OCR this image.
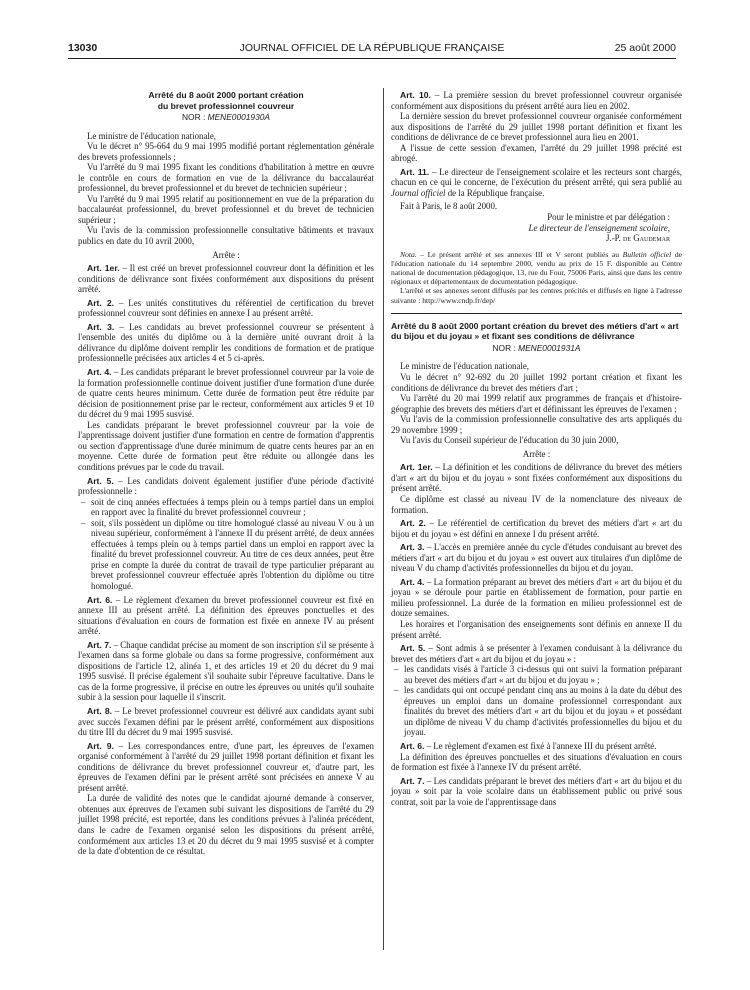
13030	JOURNAL OFFICIEL DE LA RÉPUBLIQUE FRANÇAISE	25 août 2000

Arrêté du 8 août 2000 portant création

du brevet professionnel couvreur

NOR : MENE0001930A

Le ministre de l'éducation nationale,

Vu le décret n° 95-664 du 9 mai 1995 modifié portant réglementation générale des brevets professionnels ;

Vu l'arrêté du 9 mai 1995 fixant les conditions d'habilitation à mettre en œuvre le contrôle en cours de formation en vue de la délivrance du baccalauréat professionnel, du brevet professionnel et du brevet de technicien supérieur ;

Vu l'arrêté du 9 mai 1995 relatif au positionnement en vue de la préparation du baccalauréat professionnel, du brevet professionnel et du brevet de technicien supérieur ;

Vu l'avis de la commission professionnelle consultative bâtiments et travaux publics en date du 10 avril 2000,

Arrête :

Art. 1er. – Il est créé un brevet professionnel couvreur dont la définition et les conditions de délivrance sont fixées conformément aux dispositions du présent arrêté.

Art. 2. – Les unités constitutives du référentiel de certification du brevet professionnel couvreur sont définies en annexe I au présent arrêté.

Art. 3. – Les candidats au brevet professionnel couvreur se présentent à l'ensemble des unités du diplôme ou à la dernière unité ouvrant droit à la délivrance du diplôme doivent remplir les conditions de formation et de pratique professionnelle précisées aux articles 4 et 5 ci-après.

Art. 4. – Les candidats préparant le brevet professionnel couvreur par la voie de la formation professionnelle continue doivent justifier d'une formation d'une durée de quatre cents heures minimum. Cette durée de formation peut être réduite par décision de positionnement prise par le recteur, conformément aux articles 9 et 10 du décret du 9 mai 1995 susvisé.

Les candidats préparant le brevet professionnel couvreur par la voie de l'apprentissage doivent justifier d'une formation en centre de formation d'apprentis ou section d'apprentissage d'une durée minimum de quatre cents heures par an en moyenne. Cette durée de formation peut être réduite ou allongée dans les conditions prévues par le code du travail.

Art. 5. – Les candidats doivent également justifier d'une période d'activité professionnelle :

– soit de cinq années effectuées à temps plein ou à temps partiel dans un emploi en rapport avec la finalité du brevet professionnel couvreur ;
– soit, s'ils possèdent un diplôme ou titre homologué classé au niveau V ou à un niveau supérieur, conformément à l'annexe II du présent arrêté, de deux années effectuées à temps plein ou à temps partiel dans un emploi en rapport avec la finalité du brevet professionnel couvreur. Au titre de ces deux années, peut être prise en compte la durée du contrat de travail de type particulier préparant au brevet professionnel couvreur effectuée après l'obtention du diplôme ou titre homologué.

Art. 6. – Le règlement d'examen du brevet professionnel couvreur est fixé en annexe III au présent arrêté. La définition des épreuves ponctuelles et des situations d'évaluation en cours de formation est fixée en annexe IV au présent arrêté.

Art. 7. – Chaque candidat précise au moment de son inscription s'il se présente à l'examen dans sa forme globale ou dans sa forme progressive, conformément aux dispositions de l'article 12, alinéa 1, et des articles 19 et 20 du décret du 9 mai 1995 susvisé. Il précise également s'il souhaite subir l'épreuve facultative. Dans le cas de la forme progressive, il précise en outre les épreuves ou unités qu'il souhaite subir à la session pour laquelle il s'inscrit.

Art. 8. – Le brevet professionnel couvreur est délivré aux candidats ayant subi avec succès l'examen défini par le présent arrêté, conformément aux dispositions du titre III du décret du 9 mai 1995 susvisé.

Art. 9. – Les correspondances entre, d'une part, les épreuves de l'examen organisé conformément à l'arrêté du 29 juillet 1998 portant définition et fixant les conditions de délivrance du brevet professionnel couvreur et, d'autre part, les épreuves de l'examen défini par le présent arrêté sont précisées en annexe V au présent arrêté.

La durée de validité des notes que le candidat ajourné demande à conserver, obtenues aux épreuves de l'examen subi suivant les dispositions de l'arrêté du 29 juillet 1998 précité, est reportée, dans les conditions prévues à l'alinéa précédent, dans le cadre de l'examen organisé selon les dispositions du présent arrêté, conformément aux articles 13 et 20 du décret du 9 mai 1995 susvisé et à compter de la date d'obtention de ce résultat.

Art. 10. – La première session du brevet professionnel couvreur organisée conformément aux dispositions du présent arrêté aura lieu en 2002.

La dernière session du brevet professionnel couvreur organisée conformément aux dispositions de l'arrêté du 29 juillet 1998 portant définition et fixant les conditions de délivrance de ce brevet professionnel aura lieu en 2001.

A l'issue de cette session d'examen, l'arrêté du 29 juillet 1998 précité est abrogé.

Art. 11. – Le directeur de l'enseignement scolaire et les recteurs sont chargés, chacun en ce qui le concerne, de l'exécution du présent arrêté, qui sera publié au Journal officiel de la République française.

Fait à Paris, le 8 août 2000.

Pour le ministre et par délégation :

Le directeur de l'enseignement scolaire,

J.-P. de Gaudemar

Nota. – Le présent arrêté et ses annexes III et V seront publiés au Bulletin officiel de l'éducation nationale du 14 septembre 2000, vendu au prix de 15 F. disponible au Centre national de documentation pédagogique, 13, rue du Four, 75006 Paris, ainsi que dans les centre régionaux et départementaux de documentation pédagogique.

L'arrêté et ses annexes seront diffusés par les centres précités et diffusés en ligne à l'adresse suivante : http://www.cndp.fr/dep/

Arrêté du 8 août 2000 portant création du brevet des métiers d'art « art du bijou et du joyau » et fixant ses conditions de délivrance

NOR : MENE0001931A

Le ministre de l'éducation nationale,

Vu le décret n° 92-692 du 20 juillet 1992 portant création et fixant les conditions de délivrance du brevet des métiers d'art ;

Vu l'arrêté du 20 mai 1999 relatif aux programmes de français et d'histoire-géographie des brevets des métiers d'art et définissant les épreuves de l'examen ;

Vu l'avis de la commission professionnelle consultative des arts appliqués du 29 novembre 1999 ;

Vu l'avis du Conseil supérieur de l'éducation du 30 juin 2000,

Arrête :

Art. 1er. – La définition et les conditions de délivrance du brevet des métiers d'art « art du bijou et du joyau » sont fixées conformément aux dispositions du présent arrêté.

Ce diplôme est classé au niveau IV de la nomenclature des niveaux de formation.

Art. 2. – Le référentiel de certification du brevet des métiers d'art « art du bijou et du joyau » est défini en annexe I du présent arrêté.

Art. 3. – L'accès en première année du cycle d'études conduisant au brevet des métiers d'art « art du bijou et du joyau » est ouvert aux titulaires d'un diplôme de niveau V du champ d'activités professionnelles du bijou et du joyau.

Art. 4. – La formation préparant au brevet des métiers d'art « art du bijou et du joyau » se déroule pour partie en établissement de formation, pour partie en milieu professionnel. La durée de la formation en milieu professionnel est de douze semaines.

Les horaires et l'organisation des enseignements sont définis en annexe II du présent arrêté.

Art. 5. – Sont admis à se présenter à l'examen conduisant à la délivrance du brevet des métiers d'art « art du bijou et du joyau » :

– les candidats visés à l'article 3 ci-dessus qui ont suivi la formation préparant au brevet des métiers d'art « art du bijou et du joyau » ;
– les candidats qui ont occupé pendant cinq ans au moins à la date du début des épreuves un emploi dans un domaine professionnel correspondant aux finalités du brevet des métiers d'art « art du bijou et du joyau » et possédant un diplôme de niveau V du champ d'activités professionnelles du bijou et du joyau.

Art. 6. – Le règlement d'examen est fixé à l'annexe III du présent arrêté.

La définition des épreuves ponctuelles et des situations d'évaluation en cours de formation est fixée à l'annexe IV du présent arrêté.

Art. 7. – Les candidats préparant le brevet des métiers d'art « art du bijou et du joyau » soit par la voie scolaire dans un établissement public ou privé sous contrat, soit par la voie de l'apprentissage dans
